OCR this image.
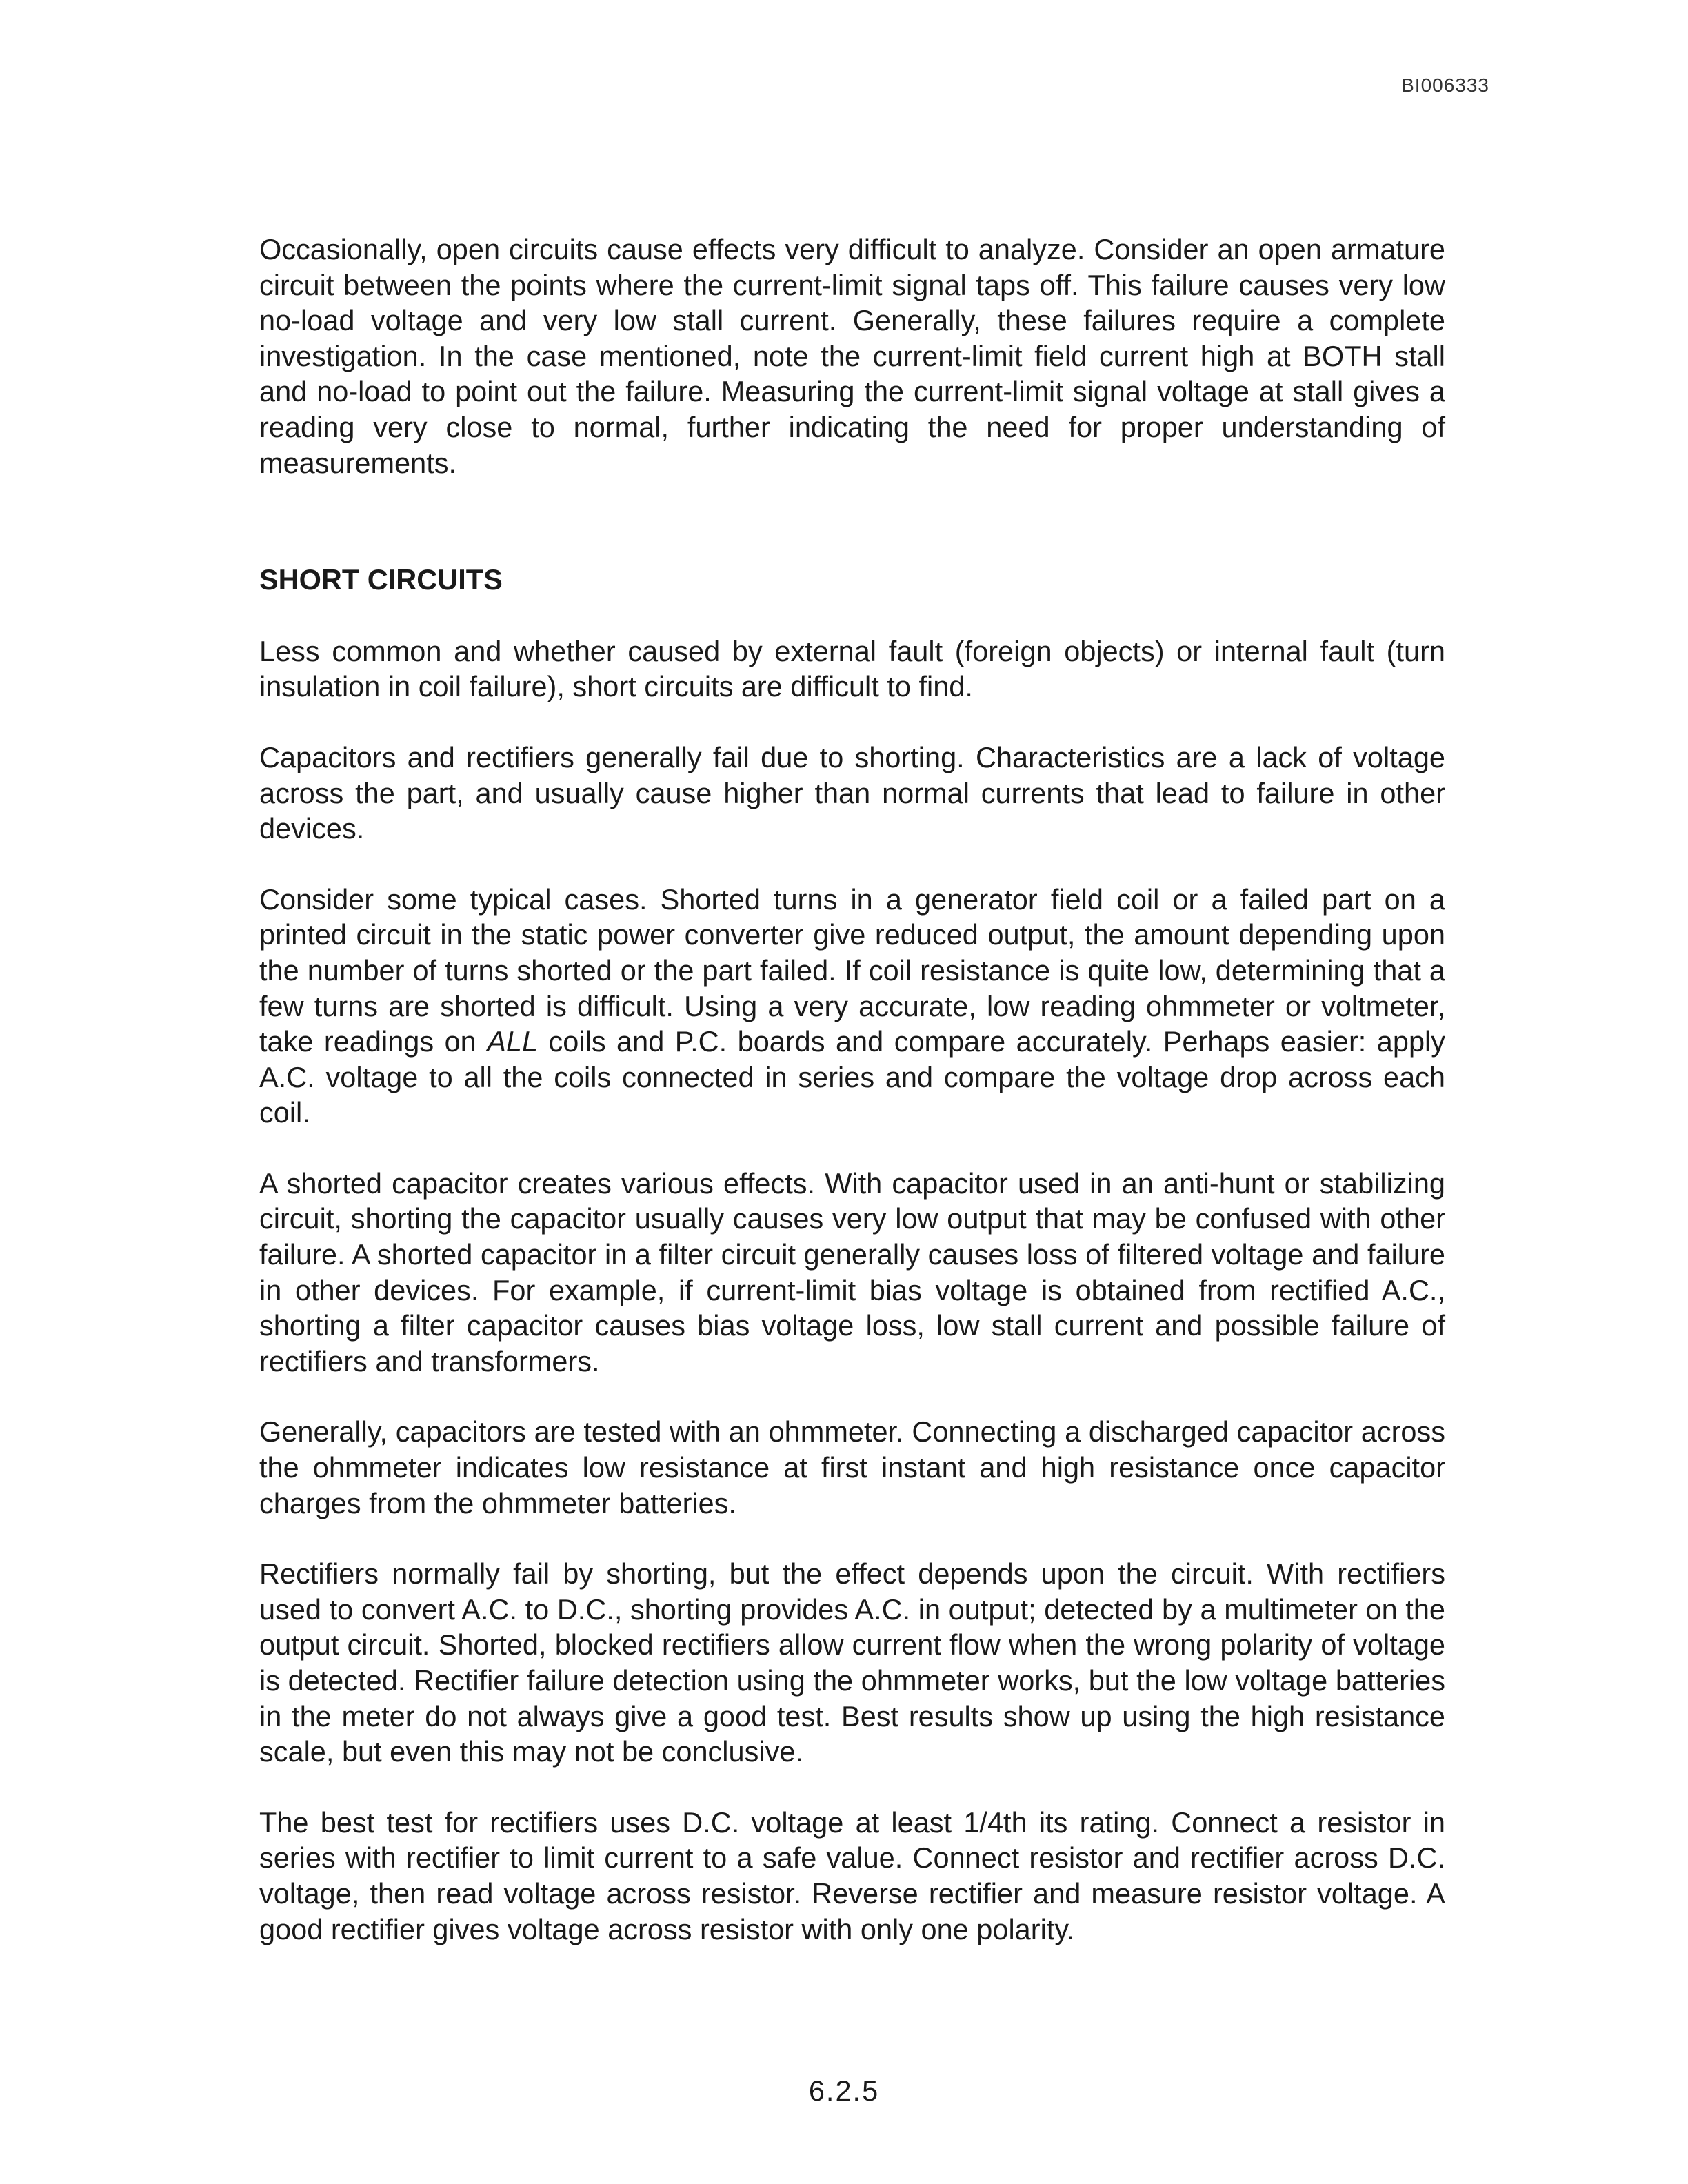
BI006333

Occasionally, open circuits cause effects very difficult to analyze. Consider an open armature circuit between the points where the current-limit signal taps off. This failure causes very low no-load voltage and very low stall current. Generally, these failures require a complete investigation. In the case mentioned, note the current-limit field current high at BOTH stall and no-load to point out the failure. Measuring the current-limit signal voltage at stall gives a reading very close to normal, further indicating the need for proper understanding of measurements.

SHORT CIRCUITS

Less common and whether caused by external fault (foreign objects) or internal fault (turn insulation in coil failure), short circuits are difficult to find.

Capacitors and rectifiers generally fail due to shorting. Characteristics are a lack of voltage across the part, and usually cause higher than normal currents that lead to failure in other devices.

Consider some typical cases. Shorted turns in a generator field coil or a failed part on a printed circuit in the static power converter give reduced output, the amount depending upon the number of turns shorted or the part failed. If coil resistance is quite low, determining that a few turns are shorted is difficult. Using a very accurate, low reading ohmmeter or voltmeter, take readings on ALL coils and P.C. boards and compare accurately. Perhaps easier: apply A.C. voltage to all the coils connected in series and compare the voltage drop across each coil.

A shorted capacitor creates various effects. With capacitor used in an anti-hunt or stabilizing circuit, shorting the capacitor usually causes very low output that may be confused with other failure. A shorted capacitor in a filter circuit generally causes loss of filtered voltage and failure in other devices. For example, if current-limit bias voltage is obtained from rectified A.C., shorting a filter capacitor causes bias voltage loss, low stall current and possible failure of rectifiers and transformers.

Generally, capacitors are tested with an ohmmeter. Connecting a discharged capacitor across the ohmmeter indicates low resistance at first instant and high resistance once capacitor charges from the ohmmeter batteries.

Rectifiers normally fail by shorting, but the effect depends upon the circuit. With rectifiers used to convert A.C. to D.C., shorting provides A.C. in output; detected by a multimeter on the output circuit. Shorted, blocked rectifiers allow current flow when the wrong polarity of voltage is detected. Rectifier failure detection using the ohmmeter works, but the low voltage batteries in the meter do not always give a good test. Best results show up using the high resistance scale, but even this may not be conclusive.

The best test for rectifiers uses D.C. voltage at least 1/4th its rating. Connect a resistor in series with rectifier to limit current to a safe value. Connect resistor and rectifier across D.C. voltage, then read voltage across resistor. Reverse rectifier and measure resistor voltage. A good rectifier gives voltage across resistor with only one polarity.

6.2.5
